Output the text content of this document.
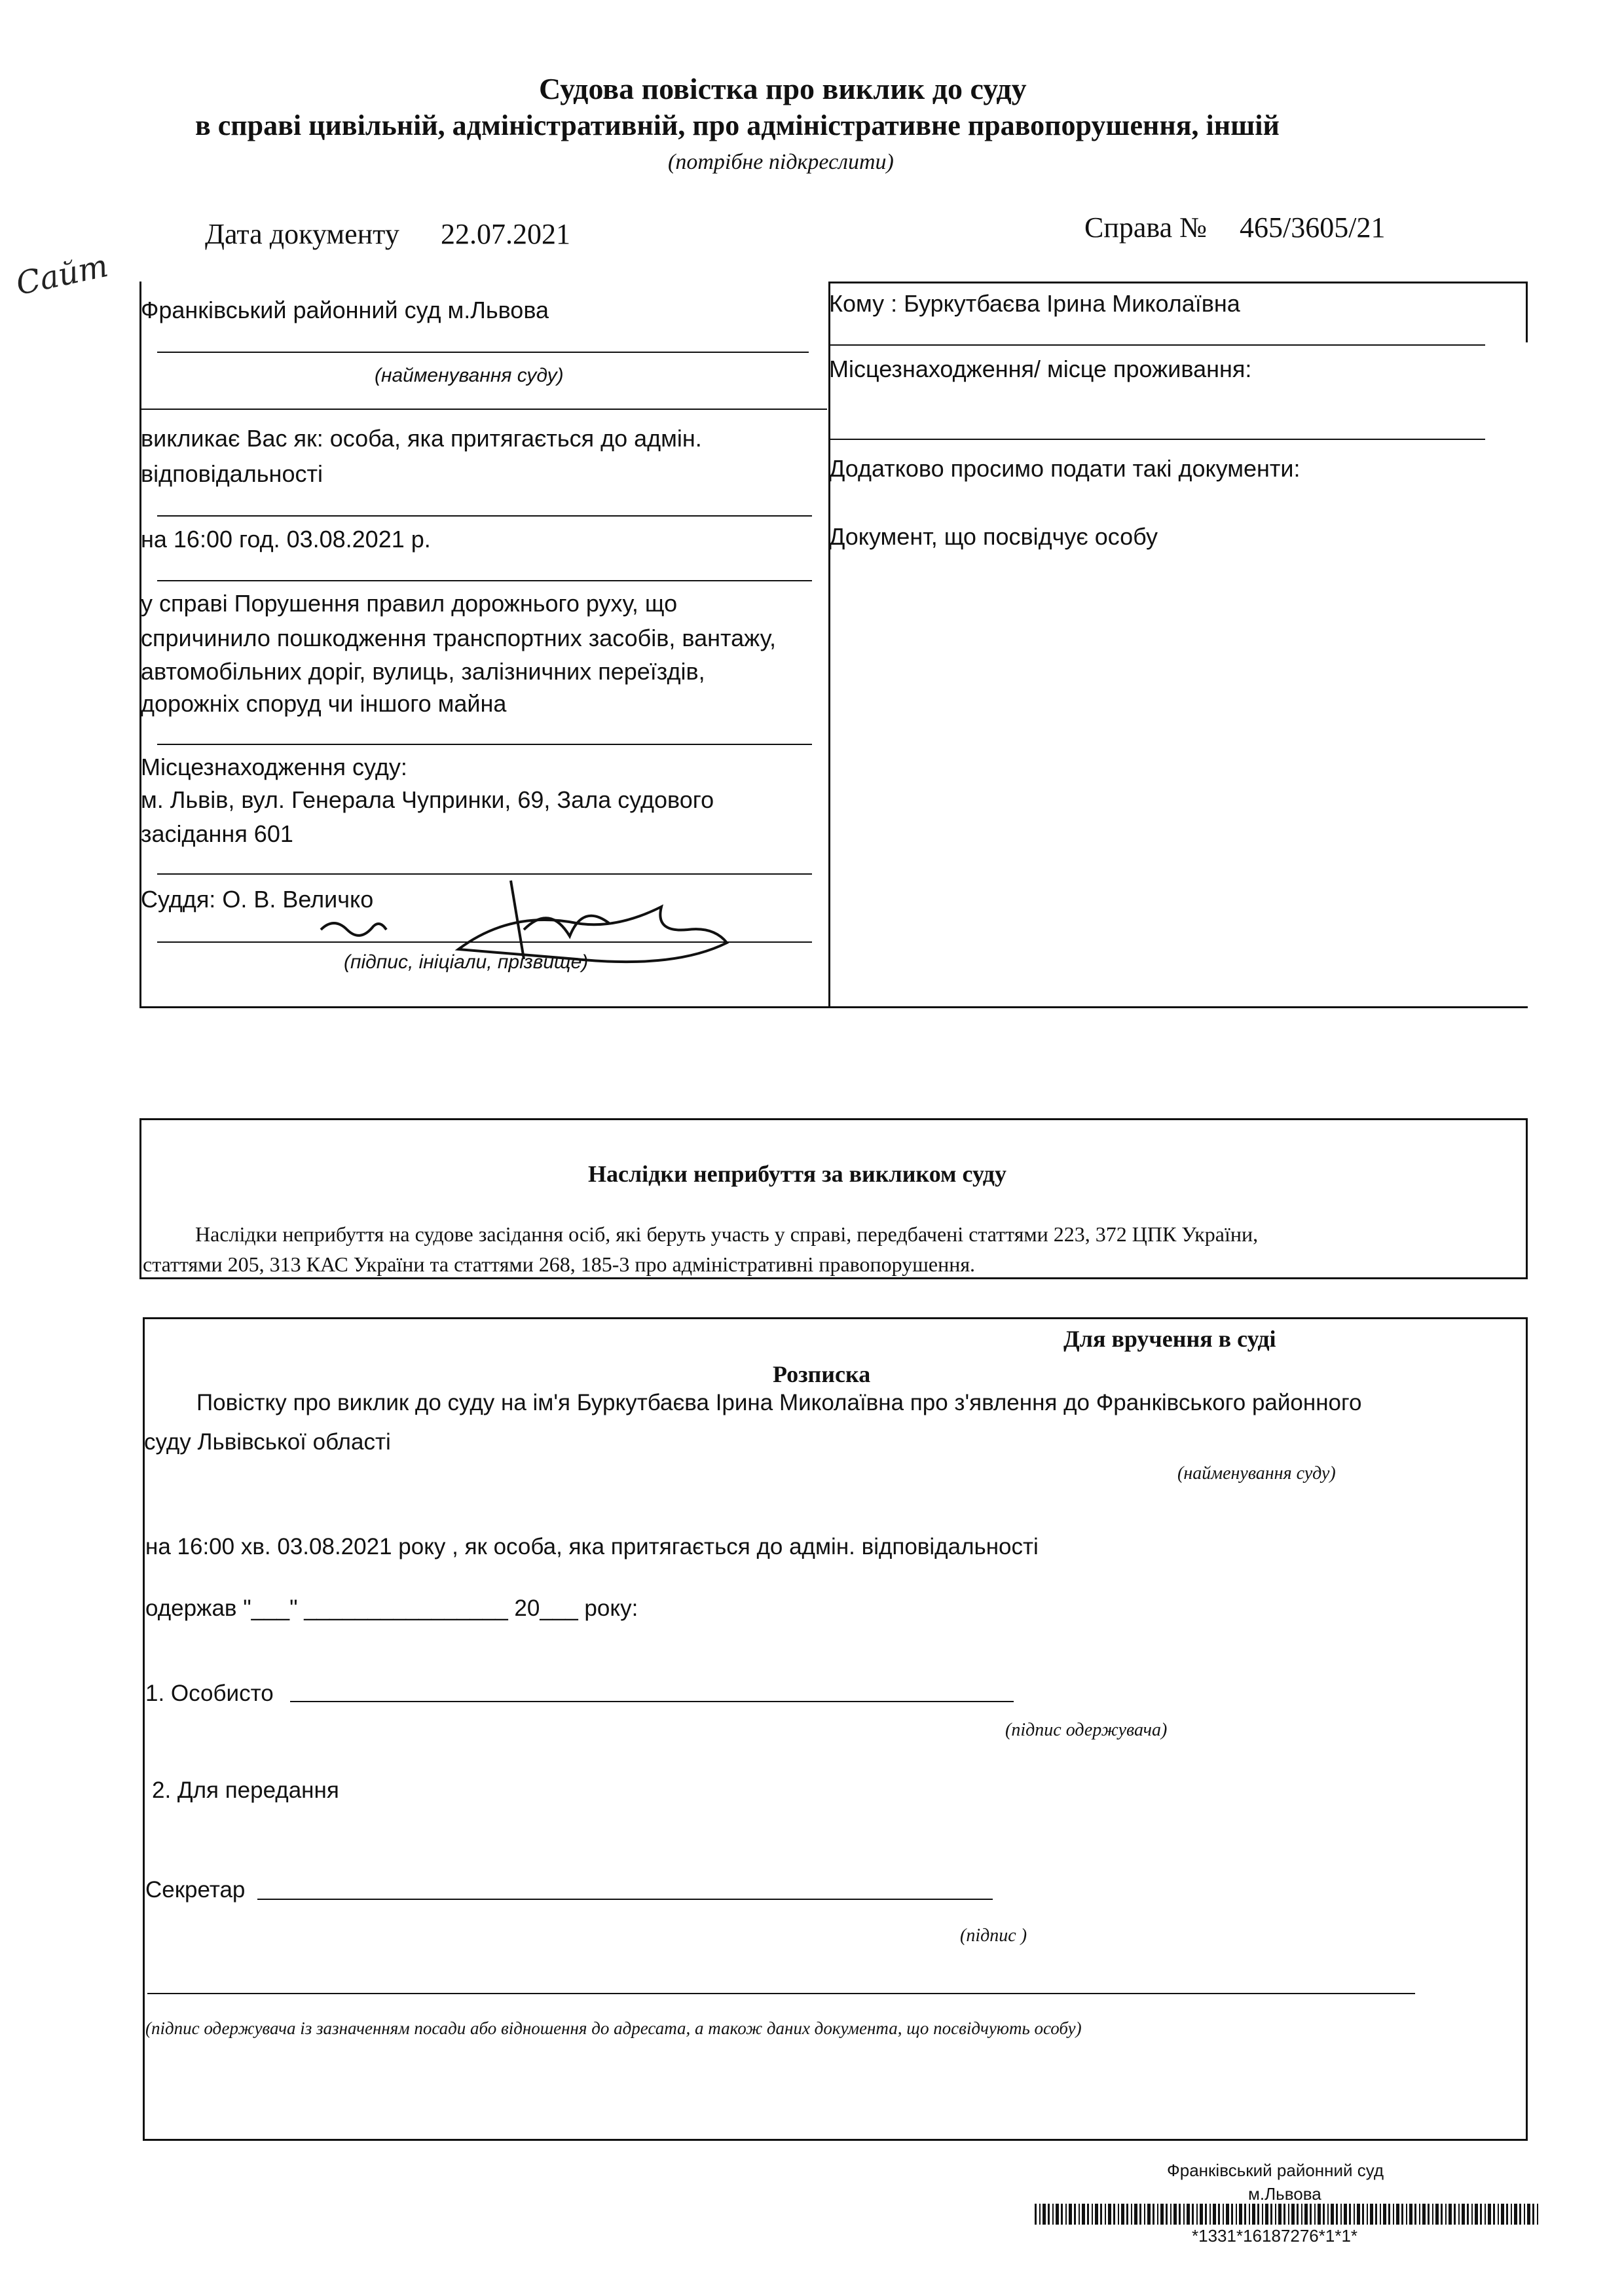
Судова повістка про виклик до суду
в справі цивільній, адміністративній, про адміністративне правопорушення, іншій
(потрібне підкреслити)
Сайт
Дата документу 22.07.2021	Справа № 465/3605/21
Франківський районний суд м.Львова
(найменування суду)
викликає Вас як: особа, яка притягається до адмін.
відповідальності
на 16:00 год. 03.08.2021 р.
у справі Порушення правил дорожнього руху, що
спричинило пошкодження транспортних засобів, вантажу,
автомобільних доріг, вулиць, залізничних переїздів,
дорожніх споруд чи іншого майна
Місцезнаходження суду:
м. Львів, вул. Генерала Чупринки, 69, Зала судового
засідання 601
Суддя: О. В. Величко
(підпис, ініціали, прізвище)
Кому : Буркутбаєва Ірина Миколаївна
Місцезнаходження/ місце проживання:
Додатково просимо подати такі документи:
Документ, що посвідчує особу
Наслідки неприбуття за викликом суду
Наслідки неприбуття на судове засідання осіб, які беруть участь у справі, передбачені статтями 223, 372 ЦПК України,
статтями 205, 313 КАС України та статтями 268, 185-3 про адміністративні правопорушення.
Для вручення в суді
Розписка
Повістку про виклик до суду на ім'я Буркутбаєва Ірина Миколаївна про з'явлення до Франківського районного
суду Львівської області
(найменування суду)
на 16:00 хв. 03.08.2021 року , як особа, яка притягається до адмін. відповідальності
одержав "___" ________________ 20___ року:
1. Особисто
(підпис одержувача)
2. Для передання
Секретар
(підпис )
(підпис одержувача із зазначенням посади або відношення до адресата, а також даних документа, що посвідчують особу)
Франківський районний суд
м.Львова
*1331*16187276*1*1*
